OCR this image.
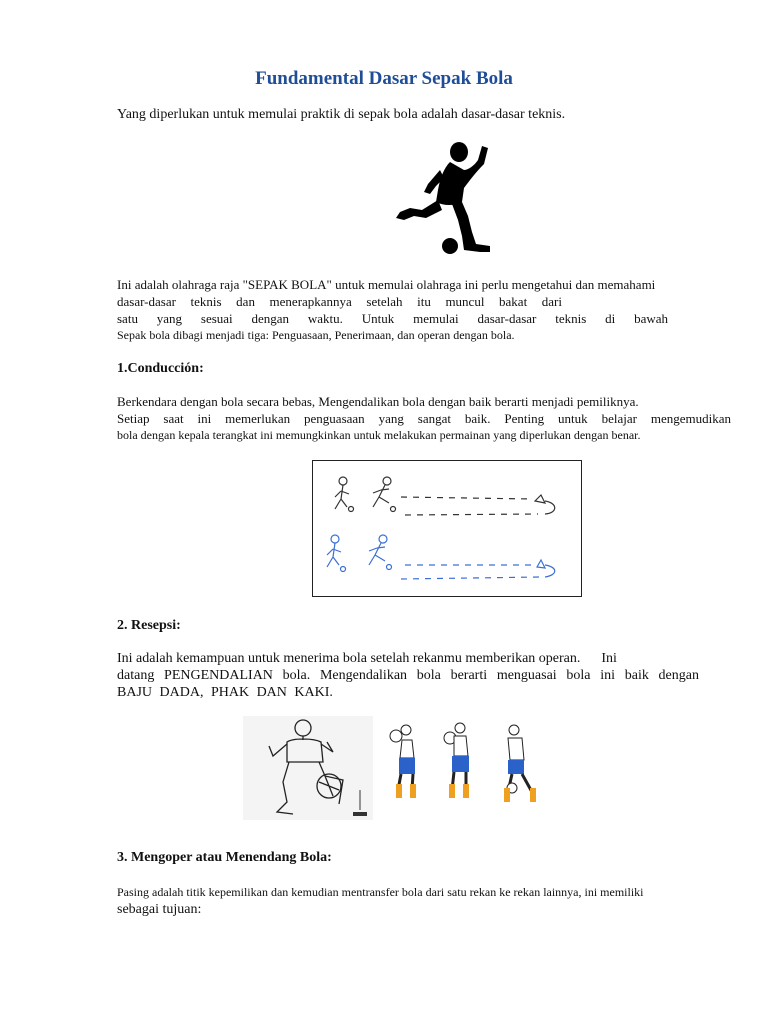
Fundamental Dasar Sepak Bola
Yang diperlukan untuk memulai praktik di sepak bola adalah dasar-dasar teknis.
Ini adalah olahraga raja "SEPAK BOLA" untuk memulai olahraga ini perlu mengetahui dan memahami
dasar-dasar teknis dan menerapkannya setelah itu muncul bakat dari
satu yang sesuai dengan waktu. Untuk memulai dasar-dasar teknis di bawah
Sepak bola dibagi menjadi tiga: Penguasaan, Penerimaan, dan operan dengan bola.
1.Conducción:
Berkendara dengan bola secara bebas, Mengendalikan bola dengan baik berarti menjadi pemiliknya.
Setiap saat ini memerlukan penguasaan yang sangat baik. Penting untuk belajar mengemudikan
bola dengan kepala terangkat ini memungkinkan untuk melakukan permainan yang diperlukan dengan benar.
2. Resepsi:
Ini adalah kemampuan untuk menerima bola setelah rekanmu memberikan operan.      Ini
datang PENGENDALIAN bola. Mengendalikan bola berarti menguasai bola ini baik dengan
BAJU DADA, PHAK DAN KAKI.
3. Mengoper atau Menendang Bola:
Pasing adalah titik kepemilikan dan kemudian mentransfer bola dari satu rekan ke rekan lainnya, ini memiliki
sebagai tujuan:
